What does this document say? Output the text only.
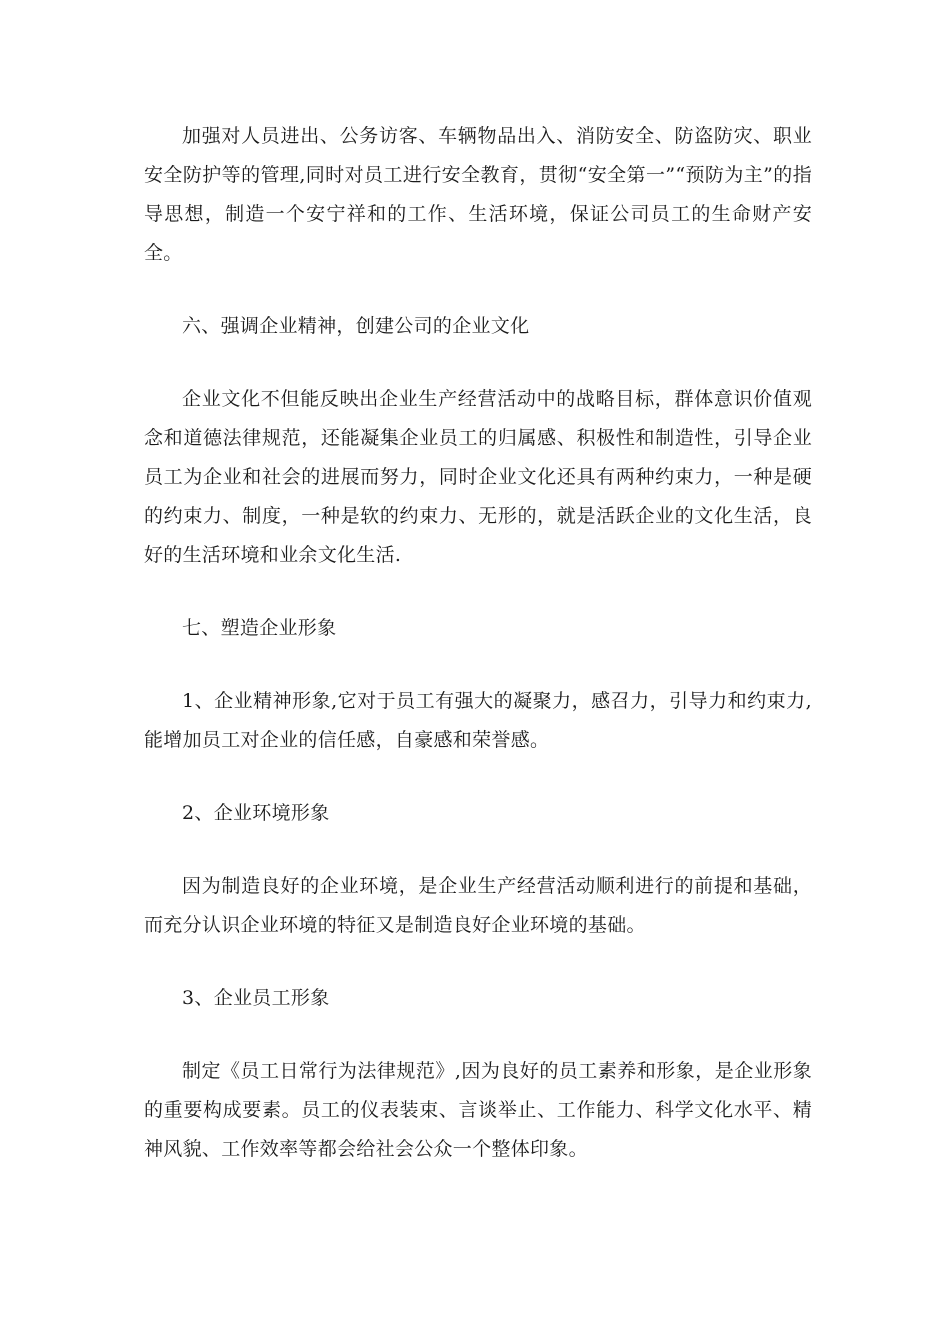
加强对人员进出、公务访客、车辆物品出入、消防安全、防盗防灾、职业安全防护等的管理,同时对员工进行安全教育，贯彻“安全第一”“预防为主”的指导思想，制造一个安宁祥和的工作、生活环境，保证公司员工的生命财产安全。

六、强调企业精神，创建公司的企业文化

企业文化不但能反映出企业生产经营活动中的战略目标，群体意识价值观念和道德法律规范，还能凝集企业员工的归属感、积极性和制造性，引导企业员工为企业和社会的进展而努力，同时企业文化还具有两种约束力，一种是硬的约束力、制度，一种是软的约束力、无形的，就是活跃企业的文化生活，良好的生活环境和业余文化生活.

七、塑造企业形象

1、企业精神形象,它对于员工有强大的凝聚力，感召力，引导力和约束力,能增加员工对企业的信任感，自豪感和荣誉感。

2、企业环境形象

因为制造良好的企业环境，是企业生产经营活动顺利进行的前提和基础，而充分认识企业环境的特征又是制造良好企业环境的基础。

3、企业员工形象

制定《员工日常行为法律规范》,因为良好的员工素养和形象，是企业形象的重要构成要素。员工的仪表装束、言谈举止、工作能力、科学文化水平、精神风貌、工作效率等都会给社会公众一个整体印象。
